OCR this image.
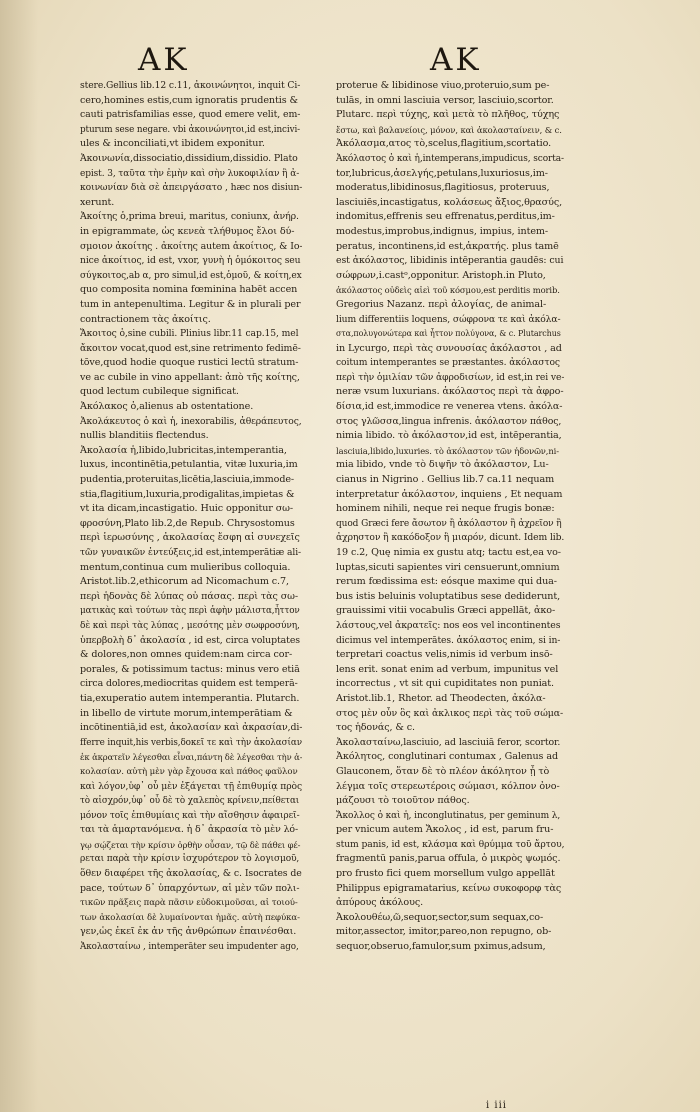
AK	AK
stere.Gellius lib.12 c.11, ἀκοινώνητοι, inquit Ci-
cero,homines estis,cum ignoratis prudentis &
cauti patrisfamilias esse, quod emere velit, em-
pturum sese negare. vbi ἀκοινώνητοι,id est,incivi-
ules & inconciliati,vt ibidem exponitur.
Ἀκοινωνία,dissociatio,dissidium,dissidio. Plato
epist. 3, ταῦτα τὴν ἐμὴν καὶ σὴν λυκοφιλίαν ἢ ἀ-
κοινωνίαν διὰ σὲ ἀπειργάσατο , hæc nos disiun-
xerunt.
Ἀκοίτης ὁ,prima breui, maritus, coniunx, ἀνήρ.
in epigrammate, ὡς κενεὰ τλήθυμος ἔλοι δύ-
σμοιον ἀκοίτης . ἀκοίτης autem ἀκοίτιος, & Io-
nice ἀκοίτιος, id est, vxor, γυνὴ ἡ ὁμόκοιτος seu
σύγκοιτος,ab α, pro simul,id est,ὁμοῦ, & κοίτη,ex
quo composita nomina fœminina habēt accen
tum in antepenultima. Legitur & in plurali per
contractionem τὰς ἀκοίτις.
Ἄκοιτος ὁ,sine cubili. Plinius libr.11 cap.15, mel
ἄκοιτον vocat,quod est,sine retrimento fedimē-
tōve,quod hodie quoque rustici lectū stratum-
ve ac cubile in vino appellant: ἀπὸ τῆς κοίτης,
quod lectum cubileque significat.
Ἀκόλακος ὁ,alienus ab ostentatione.
Ἀκολάκευτος ὁ καὶ ἡ, inexorabilis, ἀθεράπευτος,
nullis blanditiis flectendus.
Ἀκολασία ἡ,libido,lubricitas,intemperantia,
luxus, incontinētia,petulantia, vitæ luxuria,im
pudentia,proteruitas,licētia,lasciuia,immode-
stia,flagitium,luxuria,prodigalitas,impietas &
vt ita dicam,incastigatio. Huic opponitur σω-
φροσύνη,Plato lib.2,de Repub. Chrysostomus
περὶ ἱερωσύνης , ἀκολασίας ἔσφη αἱ συνεχεῖς
τῶν γυναικῶν ἐντεύξεις,id est,intemperātiæ ali-
mentum,continua cum mulieribus colloquia.
Aristot.lib.2,ethicorum ad Nicomachum c.7,
περὶ ἡδονὰς δὲ λύπας οὐ πάσας. περὶ τὰς σω-
ματικὰς καὶ τούτων τὰς περὶ ἁφὴν μάλιστα,ἧττον
δὲ καὶ περὶ τὰς λύπας , μεσότης μὲν σωφροσύνη,
ὑπερβολὴ δ᾽ ἀκολασία , id est, circa voluptates
& dolores,non omnes quidem:nam circa cor-
porales, & potissimum tactus: minus vero etiā
circa dolores,mediocritas quidem est temperā-
tia,exuperatio autem intemperantia. Plutarch.
in libello de virtute morum,intemperātiam &
incōtinentiā,id est, ἀκολασίαν καὶ ἀκρασίαν,di-
fferre inquit,his verbis,δοκεῖ τε καὶ τὴν ἀκολασίαν
ἐκ ἀκρατεῖν λέγεσθαι εἶναι,πάντη δὲ λέγεσθαι τὴν ἀ-
κολασίαν. αὐτὴ μὲν γὰρ ἔχουσα καὶ πάθος φαῦλον
καὶ λόγον,ὑφ᾽ οὗ μὲν ἐξάγεται τῇ ἐπιθυμίᾳ πρὸς
τὸ αἰσχρόν,ὑφ᾽ οὗ δὲ τὸ χαλεπὸς κρίνειν,πείθεται
μόνον τοῖς ἐπιθυμίαις καὶ τὴν αἴσθησιν ἀφαιρεῖ-
ται τὰ ἁμαρτανόμενα. ἡ δ᾽ ἀκρασία τὸ μὲν λό-
γῳ σῴζεται τὴν κρίσιν ὀρθὴν οὖσαν, τῷ δὲ πάθει φέ-
ρεται παρὰ τὴν κρίσιν ἰσχυρότερον τὸ λογισμοῦ,
ὅθεν διαφέρει τῆς ἀκολασίας, & c. Isocrates de
pace, τούτων δ᾽ ὑπαρχόντων, αἱ μὲν τῶν πολι-
τικῶν πρᾶξεις παρὰ πᾶσιν εὐδοκιμοῦσαι, αἱ τοιού-
των ἀκολασίαι δὲ λυμαίνονται ἡμᾶς. αὐτὴ πεφύκα-
γεν,ὡς ἐκεῖ ἐκ ἀν τῆς ἀνθρώπων ἐπαινέσθαι.
Ἀκολασταίνω , intemperāter seu impudenter ago,
proterue & libidinose viuo,proteruio,sum pe-
tulās, in omni lasciuia versor, lasciuio,scortor.
Plutarc. περὶ τύχης, καὶ μετὰ τὸ πλῆθος, τύχης
ἔστω, καὶ βαλανείοις, μόνον, καὶ ἀκολασταίνειν, & c.
Ἀκόλασμα,ατος τὸ,scelus,flagitium,scortatio.
Ἀκόλαστος ὁ καὶ ἡ,intemperans,impudicus, scorta-
tor,lubricus,ἀσελγής,petulans,luxuriosus,im-
moderatus,libidinosus,flagitiosus, proteruus,
lasciuiēs,incastigatus, κολάσεως ἄξιος,θρασύς,
indomitus,effrenis seu effrenatus,perditus,im-
modestus,improbus,indignus, impius, intem-
peratus, incontinens,id est,ἀκρατής. plus tamē
est ἀκόλαστος, libidinis intēperantia gaudēs: cui
σώφρων,i.castᵒ,opponitur. Aristoph.in Pluto,
ἀκόλαστος οὐδεὶς αἰεὶ τοῦ κόσμου,est perditis morib.
Gregorius Nazanz. περὶ ἀλογίας, de animal-
lium differentiis loquens, σώφρονα τε καὶ ἀκόλα-
στα,πολυγονώτερα καὶ ἧττον πολύγονα, & c. Plutarchus
in Lycurgo, περὶ τὰς συνουσίας ἀκόλαστοι , ad
coitum intemperantes se præstantes. ἀκόλαστος
περὶ τὴν ὁμιλίαν τῶν ἀφροδισίων, id est,in rei ve-
neræ vsum luxurians. ἀκόλαστος περὶ τὰ ἀφρο-
δίσια,id est,immodice re venerea vtens. ἀκόλα-
στος γλῶσσα,lingua infrenis. ἀκόλαστον πάθος,
nimia libido. τὸ ἀκόλαστον,id est, intēperantia,
lasciuia,libido,luxuries. τὸ ἀκόλαστον τῶν ἡδονῶν,ni-
mia libido, vnde τὸ διψῆν τὸ ἀκόλαστον, Lu-
cianus in Nigrino . Gellius lib.7 ca.11 nequam
interpretatur ἀκόλαστον, inquiens , Et nequam
hominem nihili, neque rei neque frugis bonæ:
quod Græci fere ἄσωτον ἢ ἀκόλαστον ἢ ἀχρεῖον ἢ
ἀχρηστον ἢ κακόδοξον ἢ μιαρόν, dicunt. Idem lib.
19 c.2, Quę nimia ex gustu atq; tactu est,ea vo-
luptas,sicuti sapientes viri censuerunt,omnium
rerum fœdissima est: eósque maxime qui dua-
bus istis beluinis voluptatibus sese dediderunt,
grauissimi vitii vocabulis Græci appellāt, ἀκο-
λάστους,vel ἀκρατεῖς: nos eos vel incontinentes
dicimus vel intemperātes. ἀκόλαστος enim, si in-
terpretari coactus velis,nimis id verbum insō-
lens erit. sonat enim ad verbum, impunitus vel
incorrectus , vt sit qui cupiditates non puniat.
Aristot.lib.1, Rhetor. ad Theodecten, ἀκόλα-
στος μὲν οὖν ὃς καὶ ἀκλικος περὶ τὰς τοῦ σώμα-
τος ἡδονάς, & c.
Ἀκολασταίνω,lasciuio, ad lasciuiā feror, scortor.
Ἀκόλητος, conglutinari contumax , Galenus ad
Glauconem, ὅταν δὲ τὸ πλέον ἀκόλητον ᾖ τὸ
λέγμα τοῖς στερεωτέροις σώμασι, κόλπον ὀνο-
μάζουσι τὸ τοιοῦτον πάθος.
Ἄκολλος ὁ καὶ ἡ, inconglutinatus, per geminum λ,
per vnicum autem Ἄκολος , id est, parum fru-
stum panis, id est, κλάσμα καὶ θρύμμα τοῦ ἄρτου,
fragmentū panis,parua offula, ὁ μικρὸς ψωμός.
pro frusto fici quem morsellum vulgo appellāt
Philippus epigramatarius, κείνω συκοφορφ τὰς
ἀπύρους ἀκόλους.
Ἀκολουθέω,ῶ,sequor,sector,sum sequax,co-
mitor,assector, imitor,pareo,non repugno, ob-
sequor,obseruo,famulor,sum pximus,adsum,
i iii
